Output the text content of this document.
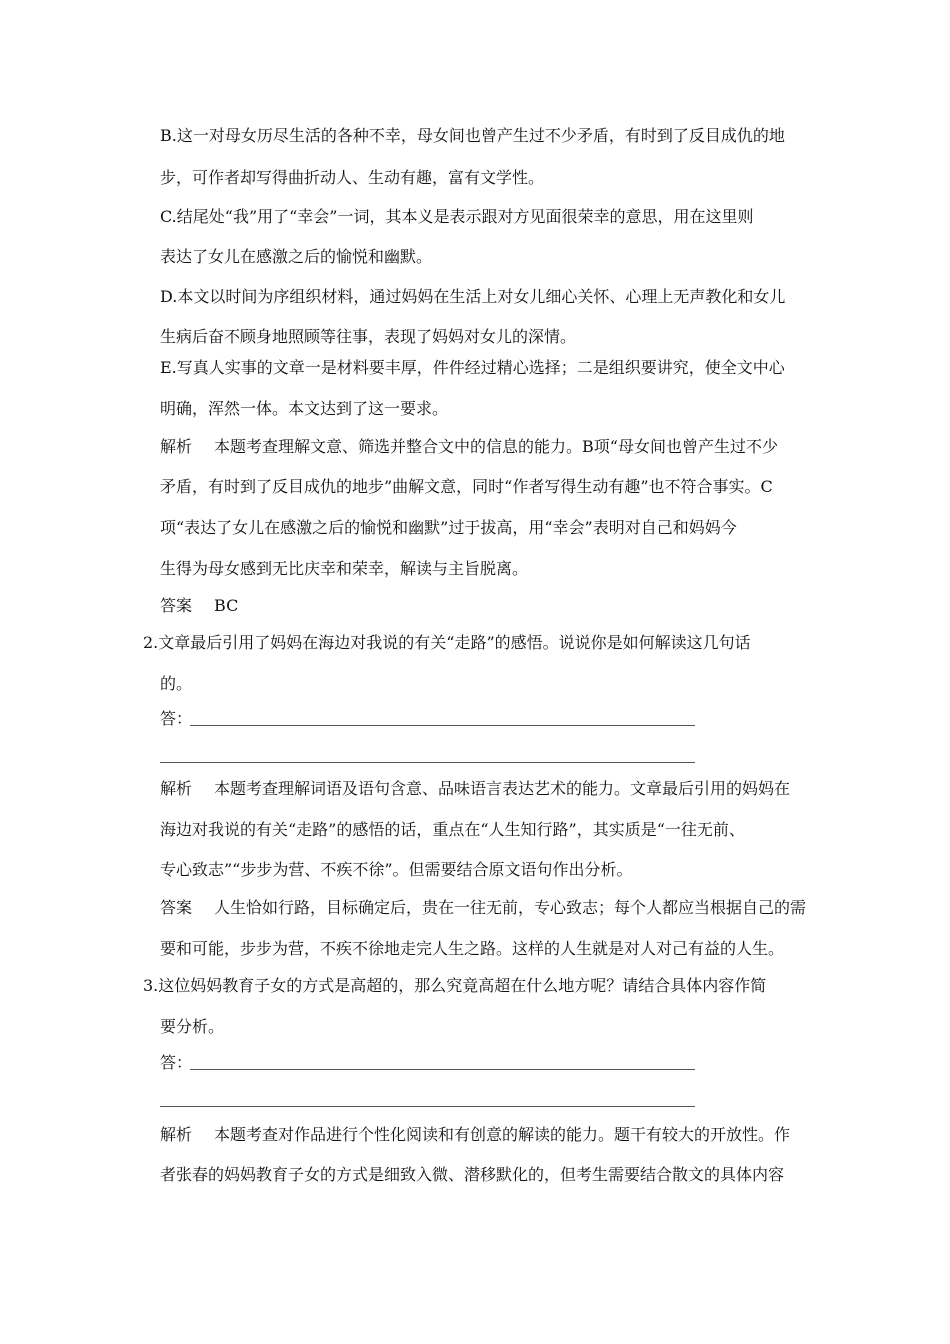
B.这一对母女历尽生活的各种不幸，母女间也曾产生过不少矛盾，有时到了反目成仇的地
步，可作者却写得曲折动人、生动有趣，富有文学性。
C.结尾处“我”用了“幸会”一词，其本义是表示跟对方见面很荣幸的意思，用在这里则
表达了女儿在感激之后的愉悦和幽默。
D.本文以时间为序组织材料，通过妈妈在生活上对女儿细心关怀、心理上无声教化和女儿
生病后奋不顾身地照顾等往事，表现了妈妈对女儿的深情。
E.写真人实事的文章一是材料要丰厚，件件经过精心选择；二是组织要讲究，使全文中心
明确，浑然一体。本文达到了这一要求。
解析 本题考查理解文意、筛选并整合文中的信息的能力。B项“母女间也曾产生过不少
矛盾，有时到了反目成仇的地步”曲解文意，同时“作者写得生动有趣”也不符合事实。C
项“表达了女儿在感激之后的愉悦和幽默”过于拔高，用“幸会”表明对自己和妈妈今
生得为母女感到无比庆幸和荣幸，解读与主旨脱离。
答案 BC
2.文章最后引用了妈妈在海边对我说的有关“走路”的感悟。说说你是如何解读这几句话
的。
答：
解析 本题考查理解词语及语句含意、品味语言表达艺术的能力。文章最后引用的妈妈在
海边对我说的有关“走路”的感悟的话，重点在“人生知行路”，其实质是“一往无前、
专心致志”“步步为营、不疾不徐”。但需要结合原文语句作出分析。
答案 人生恰如行路，目标确定后，贵在一往无前，专心致志；每个人都应当根据自己的需
要和可能，步步为营，不疾不徐地走完人生之路。这样的人生就是对人对己有益的人生。
3.这位妈妈教育子女的方式是高超的，那么究竟高超在什么地方呢？请结合具体内容作简
要分析。
答：
解析 本题考查对作品进行个性化阅读和有创意的解读的能力。题干有较大的开放性。作
者张春的妈妈教育子女的方式是细致入微、潜移默化的，但考生需要结合散文的具体内容
